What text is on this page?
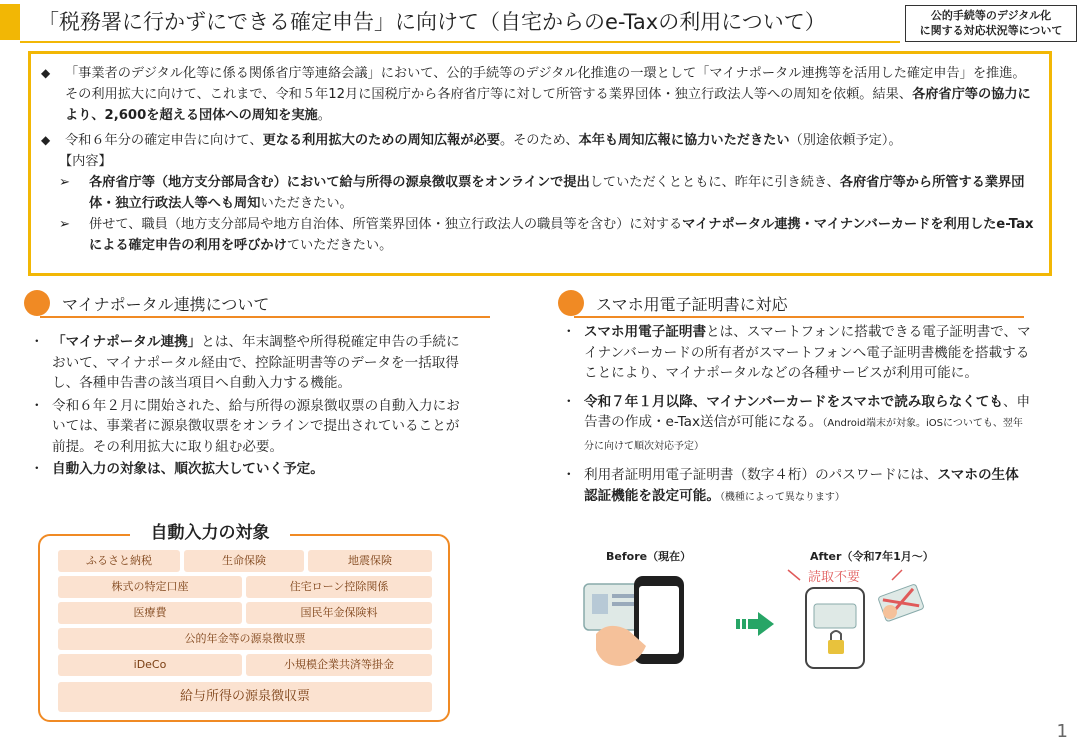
「税務署に行かずにできる確定申告」に向けて（自宅からのe-Taxの利用について）	公的手続等のデジタル化
に関する対応状況等について
◆	「事業者のデジタル化等に係る関係省庁等連絡会議」において、公的手続等のデジタル化推進の一環として「マイナポータル連携等を活用した確定申告」を推進。その利用拡大に向けて、これまで、令和５年12月に国税庁から各府省庁等に対して所管する業界団体・独立行政法人等への周知を依頼。結果、各府省庁等の協力により、2,600を超える団体への周知を実施。
◆	令和６年分の確定申告に向けて、更なる利用拡大のための周知広報が必要。そのため、本年も周知広報に協力いただきたい（別途依頼予定）。
【内容】
➢	各府省庁等（地方支分部局含む）において給与所得の源泉徴収票をオンラインで提出していただくとともに、昨年に引き続き、各府省庁等から所管する業界団体・独立行政法人等へも周知いただきたい。
➢	併せて、職員（地方支分部局や地方自治体、所管業界団体・独立行政法人の職員等を含む）に対するマイナポータル連携・マイナンバーカードを利用したe-Taxによる確定申告の利用を呼びかけていただきたい。
マイナポータル連携について
・ 「マイナポータル連携」とは、年末調整や所得税確定申告の手続において、マイナポータル経由で、控除証明書等のデータを一括取得し、各種申告書の該当項目へ自動入力する機能。
・ 令和６年２月に開始された、給与所得の源泉徴収票の自動入力においては、事業者に源泉徴収票をオンラインで提出されていることが前提。その利用拡大に取り組む必要。
・ 自動入力の対象は、順次拡大していく予定。
自動入力の対象
ふるさと納税	生命保険	地震保険
株式の特定口座	住宅ローン控除関係
医療費	国民年金保険料
公的年金等の源泉徴収票
iDeCo	小規模企業共済等掛金
給与所得の源泉徴収票
スマホ用電子証明書に対応
・ スマホ用電子証明書とは、スマートフォンに搭載できる電子証明書で、マイナンバーカードの所有者がスマートフォンへ電子証明書機能を搭載することにより、マイナポータルなどの各種サービスが利用可能に。
・ 令和７年１月以降、マイナンバーカードをスマホで読み取らなくても、申告書の作成・e-Tax送信が可能になる。（Android端末が対象。iOSについても、翌年分に向けて順次対応予定）
・ 利用者証明用電子証明書（数字４桁）のパスワードには、スマホの生体認証機能を設定可能。（機種によって異なります）
Before（現在）	After（令和7年1月～）
読取不要
1
